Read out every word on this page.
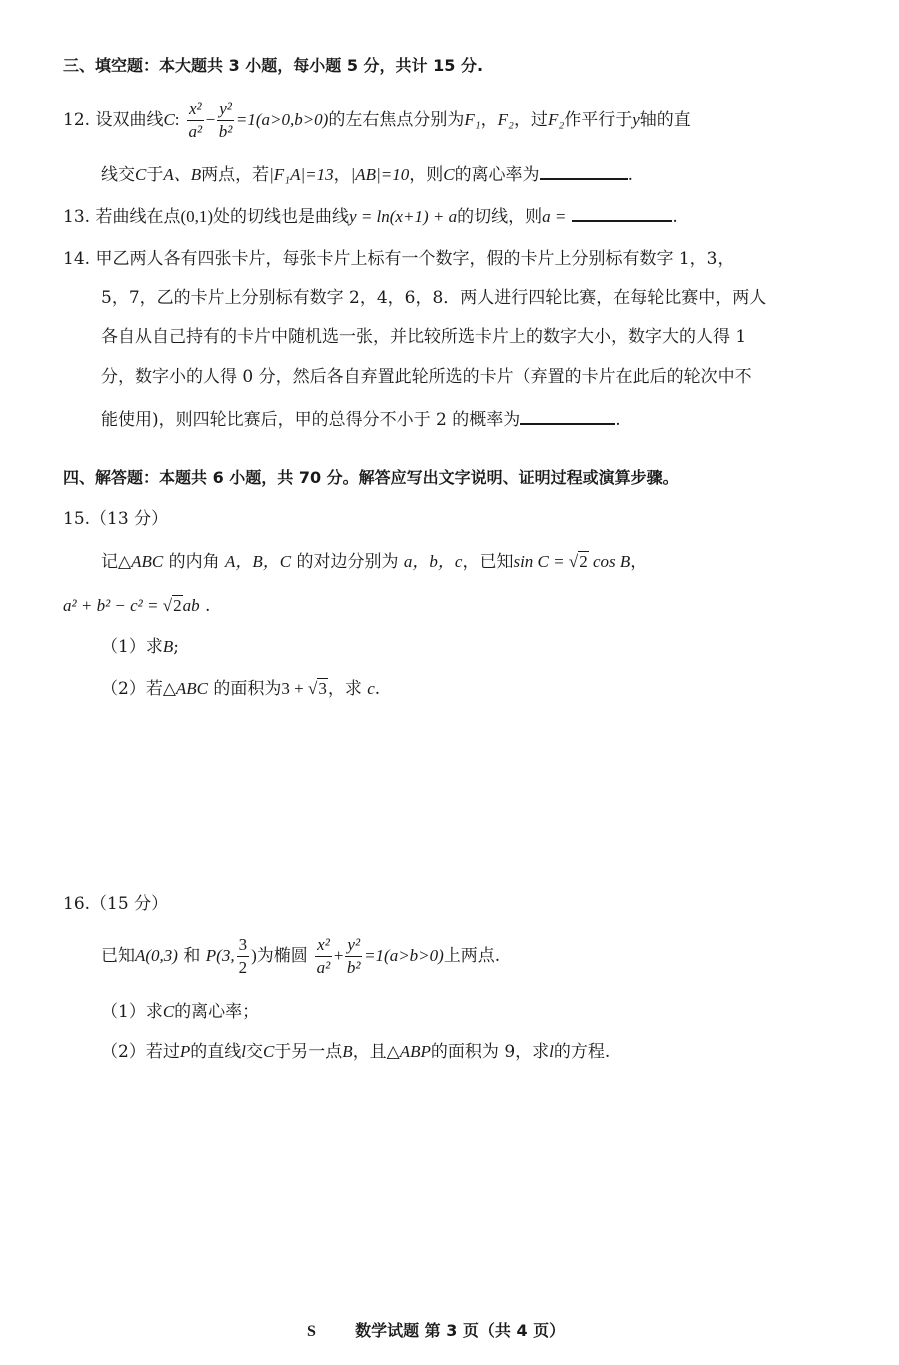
三、填空题：本大题共 3 小题，每小题 5 分，共计 15 分.
12. 设双曲线C: $\frac{\text{x²}}{\text{a²}} - \frac{\text{y²}}{\text{b²}} =1(a>0,b>0)$的左右焦点分别为F₁，F₂，过F₂作平行于y轴的直
线交C于A、B两点，若|F₁A|=13，|AB|=10，则C的离心率为	.
13. 若曲线在点(0,1)处的切线也是曲线y = ln(x+1) + a的切线，则a =	.
14. 甲乙两人各有四张卡片，每张卡片上标有一个数字，假的卡片上分别标有数字 1，3，
5，7，乙的卡片上分别标有数字 2，4，6，8．两人进行四轮比赛，在每轮比赛中，两人
各自从自己持有的卡片中随机选一张，并比较所选卡片上的数字大小，数字大的人得 1
分，数字小的人得 0 分，然后各自弃置此轮所选的卡片（弃置的卡片在此后的轮次中不
能使用)，则四轮比赛后，甲的总得分不小于 2 的概率为	.
四、解答题：本题共 6 小题，共 70 分。解答应写出文字说明、证明过程或演算步骤。
15.（13 分）
记△ABC 的内角 A，B，C 的对边分别为 a，b，c，已知sin C = √2 cos B，
a² + b² − c² = √2ab .
（1）求B;
（2）若△ABC 的面积为3 + √3，求 c.
16.（15 分）
已知A(0,3) 和 P(3, $\frac{3}{2}$ )为椭圆 $\frac{\text{x²}}{\text{a²}} + \frac{\text{y²}}{\text{b²}} =1(a>b>0)$上两点.
（1）求C的离心率；
（2）若过P的直线l交C于另一点B，且△ABP的面积为 9，求l的方程.
S 数学试题 第 3 页（共 4 页）
